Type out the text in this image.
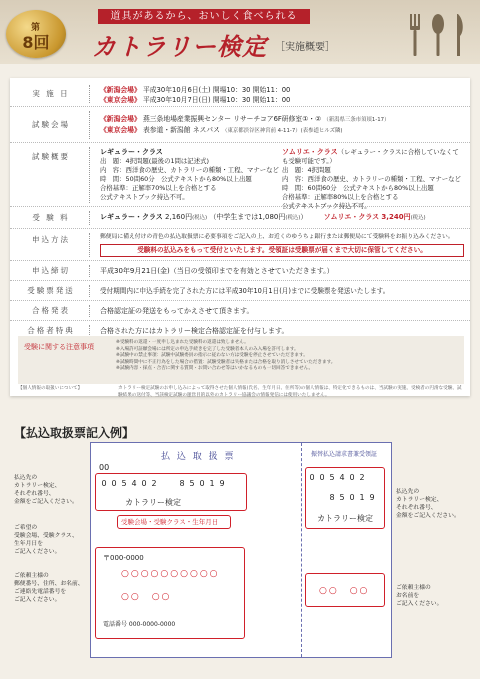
第
8回
道具があるから、おいしく食べられる
カトラリー検定 ［実施概要］
実 施 日	《新潟会場》 平成30年10月6日(土) 開場10：30 開始11：00
《東京会場》 平成30年10月7日(日) 開場10：30 開始11：00
試験会場
《新潟会場》 燕三条地場産業振興センター リサーチコア6F研修室①・② （新潟県三条市須頃1-17）
《東京会場》 表参道・新潟館 ネスパス （東京都渋谷区神宮前 4-11-7）(表参道ヒルズ隣)
試験概要	レギュラー・クラス
出　題：4択問題(最後の1問は記述式)
内　容：西洋食の歴史、カトラリーの種類・工程、マナーなど
時　間：50問60分　公式テキストから80%以上出題
合格基準：正解率70%以上を合格とする
公式テキストブック持込不可。
ソムリエ・クラス（レギュラー・クラスに合格していなくても受験可能です。）
出　題：4択問題
内　容：西洋食の歴史、カトラリーの種類・工程、マナーなど
時　間：60問60分　公式テキストから80%以上出題
合格基準：正解率80%以上を合格とする
公式テキストブック持込不可。
受 験 料	レギュラー・クラス 2,160円(税込) （中学生までは1,080円(税込)） ソムリエ・クラス 3,240円(税込)
申込方法	郵便局に備え付けの青色の払込取扱票に必要事項をご記入の上、お近くのゆうちょ銀行または郵便局にて受験料をお振り込みください。
受験料の払込みをもって受付といたします。受領証は受験票が届くまで大切に保管してください。
申込締切	平成30年9月21日(金)（当日の受領印までを有効とさせていただきます。）
受験票発送	受付期間内に申込手続を完了された方には平成30年10月1日(月)までに受験票を発送いたします。
合格発表	合格認定証の発送をもってかえさせて頂きます。
合格者特典	合格された方にはカトラリー検定合格認定証を付与します。
受験に関する注意事項
※受験料の返還・一度申し込まれた受験料の返還は致しません。
※入場許可証願会場には所定の申込手続きを完了した受験者本人のみ入場を許可します。
※試験中の禁止事項：試験中試験委員の指示に従わない方は受験を停止させていただきます。
※試験時間中に不正行為をした場合の措置：試験受験者は失格または合格を取り消しさせていただきます。
※試験内容・採点・合否に関する質問・お問い合わせ等はいかなるものも一切回答できません。
【個人情報の取扱いについて】	カトラリー検定試験のお申し込みによって取得させた個人情報(氏名、生年月日、住所等)の個人情報は、特定化できるものは、当試験の実施、受検者の円滑な受験、試験結果の送付等、当該検定試験の運営目的以外のカトラリー協議会の情報発信には使用いたしません。
【払込取扱票記入例】
払込先の
カトラリー検定、
それぞれ番号、
金額をご記入ください。
ご希望の
受験会場、受験クラス、
生年月日を
ご記入ください。
ご依頼主様の
郵便番号、住所、お名前、
ご連絡先電話番号を
ご記入ください。
払込先の
カトラリー検定、
それぞれ番号、
金額をご記入ください。
ご依頼主様の
お名前を
ご記入ください。
払 込 取 扱 票	振替払込請求書兼受領証
00
0 0 5 4 0 2	8 5 0 1 9
カトラリー検定
受験会場・受験クラス・生年月日
〒000-0000
○○○○○○○○○○
○○　○○
電話番号 000-0000-0000
0 0 5 4 0 2
8 5 0 1 9
カトラリー検定
○○　○○
